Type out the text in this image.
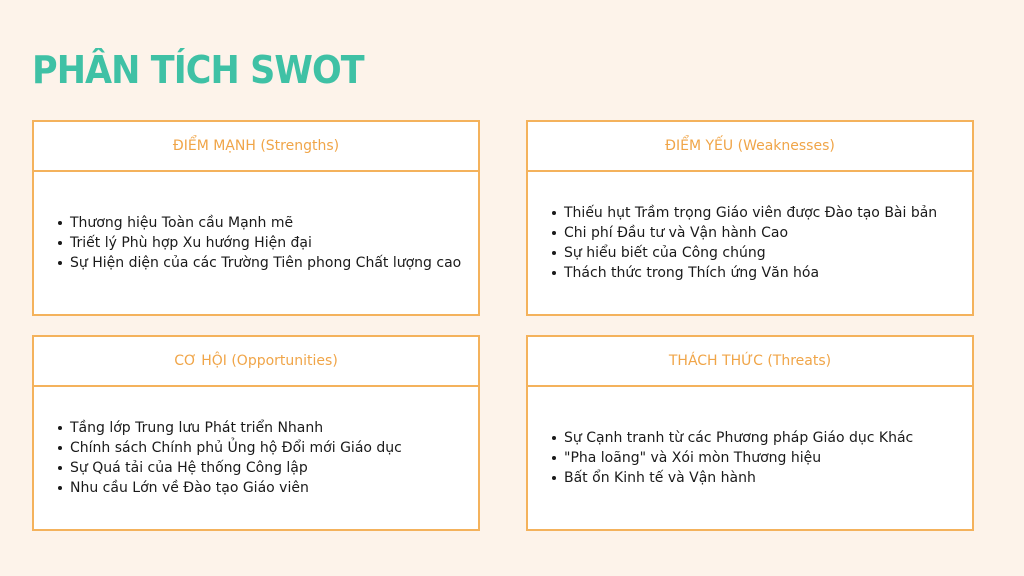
PHÂN TÍCH SWOT
ĐIỂM MẠNH (Strengths)
Thương hiệu Toàn cầu Mạnh mẽ
Triết lý Phù hợp Xu hướng Hiện đại
Sự Hiện diện của các Trường Tiên phong Chất lượng cao
ĐIỂM YẾU (Weaknesses)
Thiếu hụt Trầm trọng Giáo viên được Đào tạo Bài bản
Chi phí Đầu tư và Vận hành Cao
Sự hiểu biết của Công chúng
Thách thức trong Thích ứng Văn hóa
CƠ HỘI (Opportunities)
Tầng lớp Trung lưu Phát triển Nhanh
Chính sách Chính phủ Ủng hộ Đổi mới Giáo dục
Sự Quá tải của Hệ thống Công lập
Nhu cầu Lớn về Đào tạo Giáo viên
THÁCH THỨC (Threats)
Sự Cạnh tranh từ các Phương pháp Giáo dục Khác
"Pha loãng" và Xói mòn Thương hiệu
Bất ổn Kinh tế và Vận hành
